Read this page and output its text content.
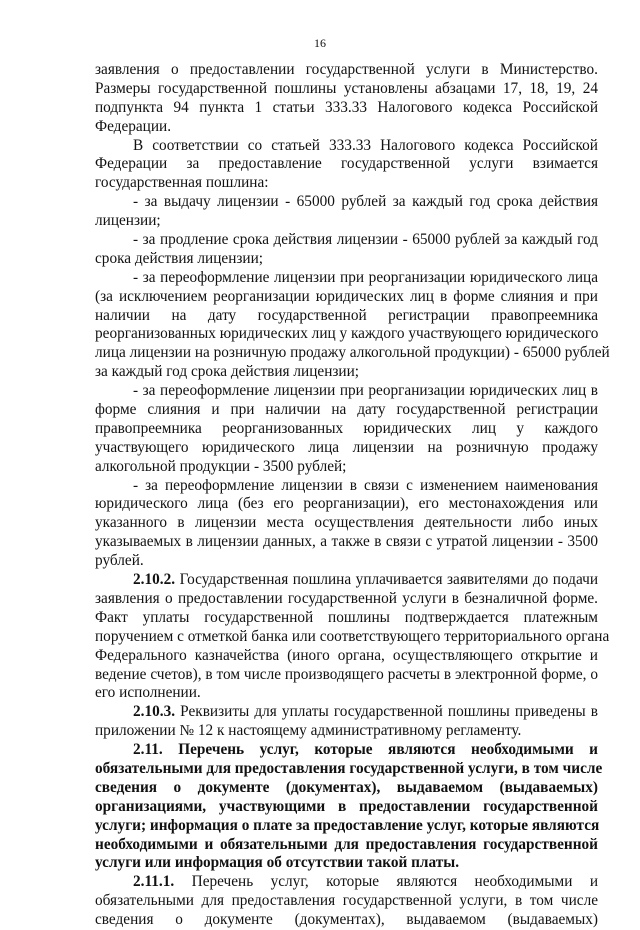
16
заявления о предоставлении государственной услуги в Министерство.
Размеры государственной пошлины установлены абзацами 17, 18, 19, 24
подпункта 94 пункта 1 статьи 333.33 Налогового кодекса Российской
Федерации.
В соответствии со статьей 333.33 Налогового кодекса Российской
Федерации за предоставление государственной услуги взимается
государственная пошлина:
- за выдачу лицензии - 65000 рублей за каждый год срока действия
лицензии;
- за продление срока действия лицензии - 65000 рублей за каждый год
срока действия лицензии;
- за переоформление лицензии при реорганизации юридического лица
(за исключением реорганизации юридических лиц в форме слияния и при
наличии на дату государственной регистрации правопреемника
реорганизованных юридических лиц у каждого участвующего юридического
лица лицензии на розничную продажу алкогольной продукции) - 65000 рублей
за каждый год срока действия лицензии;
- за переоформление лицензии при реорганизации юридических лиц в
форме слияния и при наличии на дату государственной регистрации
правопреемника реорганизованных юридических лиц у каждого
участвующего юридического лица лицензии на розничную продажу
алкогольной продукции - 3500 рублей;
- за переоформление лицензии в связи с изменением наименования
юридического лица (без его реорганизации), его местонахождения или
указанного в лицензии места осуществления деятельности либо иных
указываемых в лицензии данных, а также в связи с утратой лицензии - 3500
рублей.
2.10.2. Государственная пошлина уплачивается заявителями до подачи
заявления о предоставлении государственной услуги в безналичной форме.
Факт уплаты государственной пошлины подтверждается платежным
поручением с отметкой банка или соответствующего территориального органа
Федерального казначейства (иного органа, осуществляющего открытие и
ведение счетов), в том числе производящего расчеты в электронной форме, о
его исполнении.
2.10.3. Реквизиты для уплаты государственной пошлины приведены в
приложении № 12 к настоящему административному регламенту.
2.11. Перечень услуг, которые являются необходимыми и
обязательными для предоставления государственной услуги, в том числе
сведения о документе (документах), выдаваемом (выдаваемых)
организациями, участвующими в предоставлении государственной
услуги; информация о плате за предоставление услуг, которые являются
необходимыми и обязательными для предоставления государственной
услуги или информация об отсутствии такой платы.
2.11.1. Перечень услуг, которые являются необходимыми и
обязательными для предоставления государственной услуги, в том числе
сведения о документе (документах), выдаваемом (выдаваемых)
